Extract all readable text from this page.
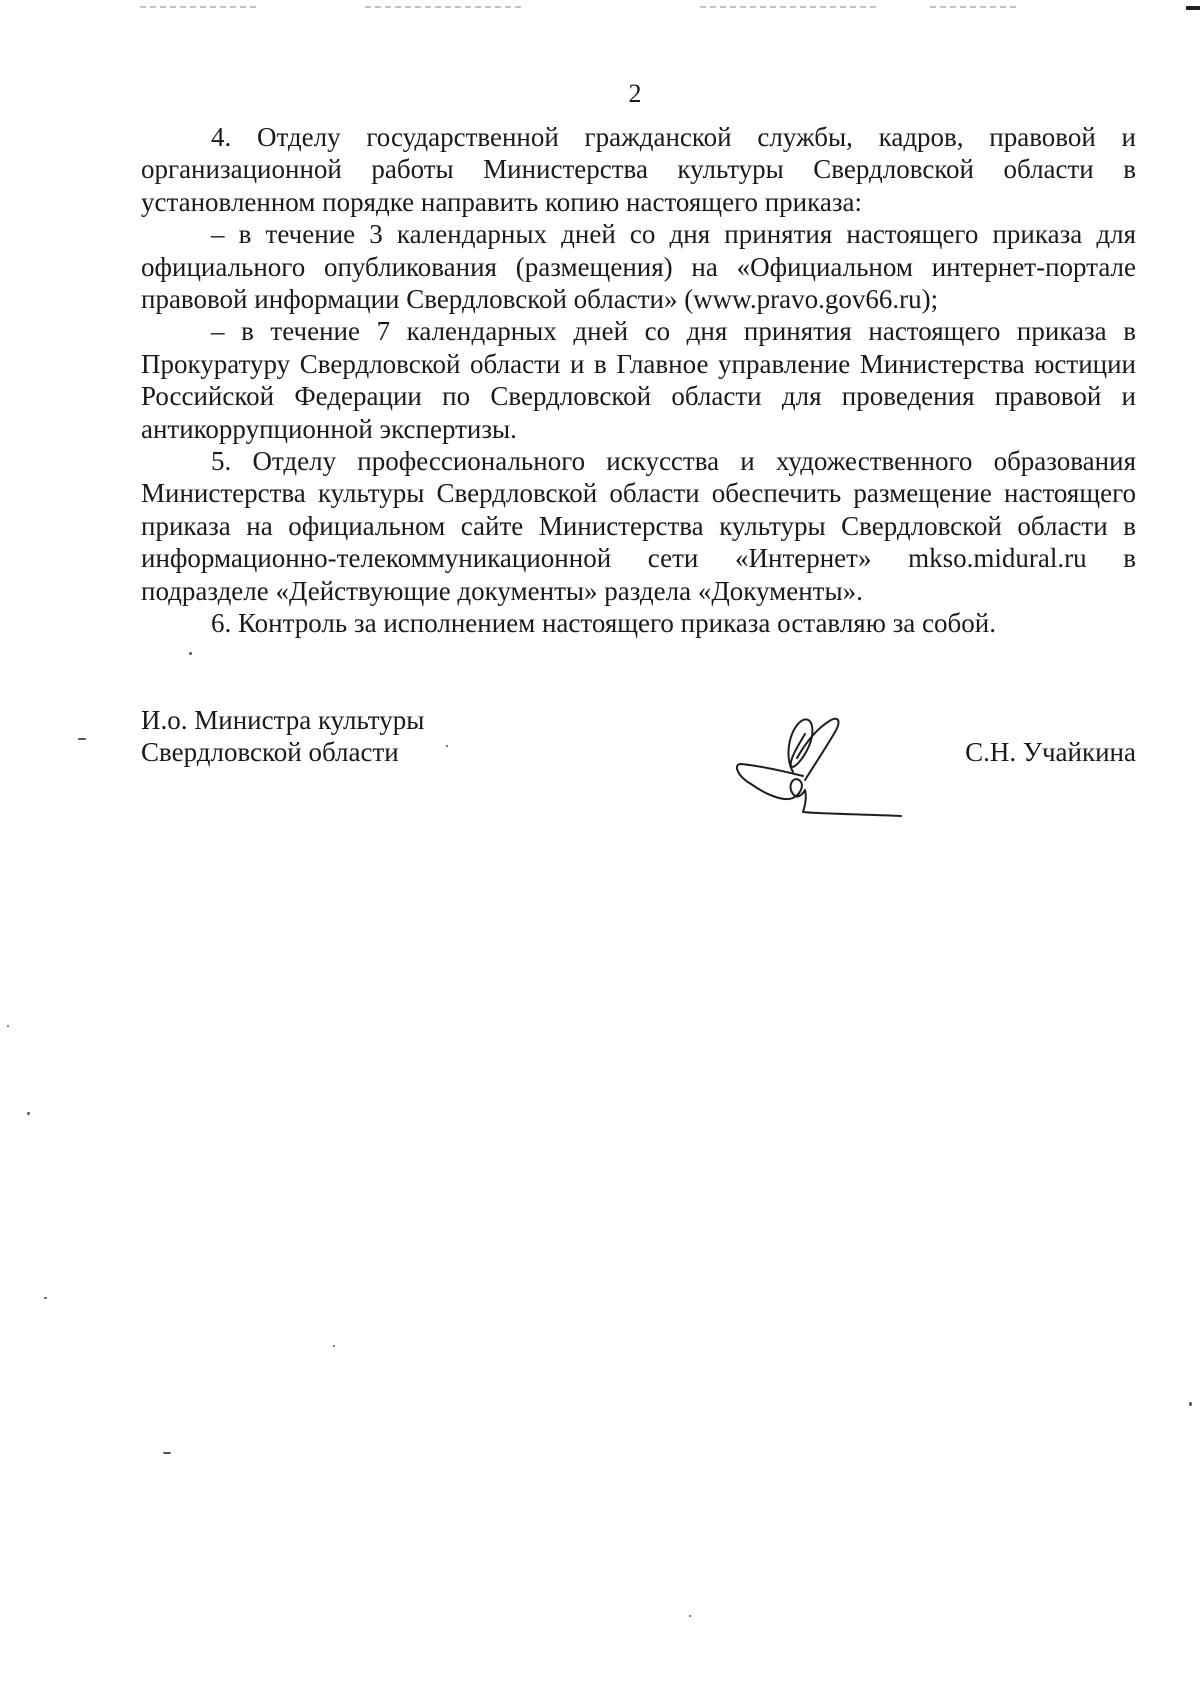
2

4. Отделу государственной гражданской службы, кадров, правовой и организационной работы Министерства культуры Свердловской области в установленном порядке направить копию настоящего приказа:

– в течение 3 календарных дней со дня принятия настоящего приказа для официального опубликования (размещения) на «Официальном интернет-портале правовой информации Свердловской области» (www.pravo.gov66.ru);

– в течение 7 календарных дней со дня принятия настоящего приказа в Прокуратуру Свердловской области и в Главное управление Министерства юстиции Российской Федерации по Свердловской области для проведения правовой и антикоррупционной экспертизы.

5. Отделу профессионального искусства и художественного образования Министерства культуры Свердловской области обеспечить размещение настоящего приказа на официальном сайте Министерства культуры Свердловской области в информационно-телекоммуникационной сети «Интернет» mkso.midural.ru в подразделе «Действующие документы» раздела «Документы».

6. Контроль за исполнением настоящего приказа оставляю за собой.

И.о. Министра культуры
Свердловской области	С.Н. Учайкина
